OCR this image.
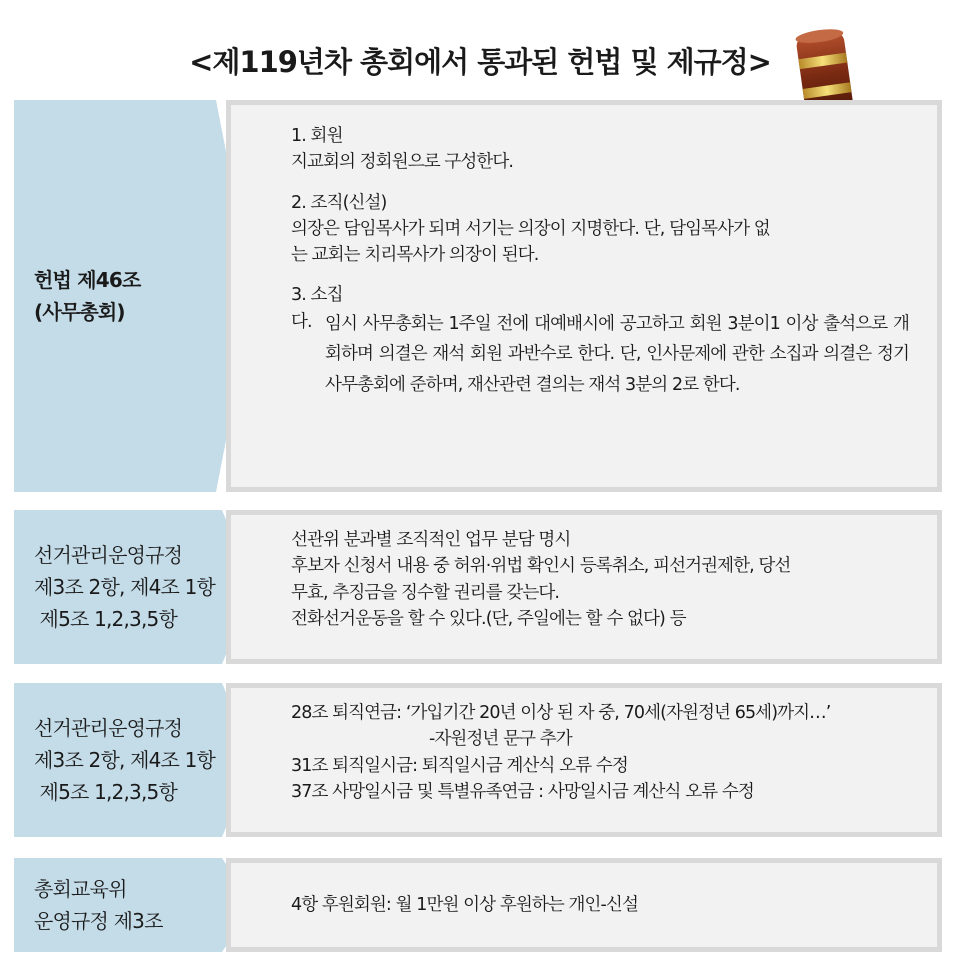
<제119년차 총회에서 통과된 헌법 및 제규정>
헌법 제46조
(사무총회)
1. 회원
지교회의 정회원으로 구성한다.
2. 조직(신설)
의장은 담임목사가 되며 서기는 의장이 지명한다. 단, 담임목사가 없
는 교회는 치리목사가 의장이 된다.
3. 소집
다. 임시 사무총회는 1주일 전에 대예배시에 공고하고 회원 3분이1 이상 출석으로 개회하며 의결은 재석 회원 과반수로 한다. 단, 인사문제에 관한 소집과 의결은 정기 사무총회에 준하며, 재산관련 결의는 재석 3분의 2로 한다.
선거관리운영규정
제3조 2항, 제4조 1항
제5조 1,2,3,5항
선관위 분과별 조직적인 업무 분담 명시
후보자 신청서 내용 중 허위·위법 확인시 등록취소, 피선거권제한, 당선
무효, 추징금을 징수할 권리를 갖는다.
전화선거운동을 할 수 있다.(단, 주일에는 할 수 없다) 등
선거관리운영규정
제3조 2항, 제4조 1항
제5조 1,2,3,5항
28조 퇴직연금: ‘가입기간 20년 이상 된 자 중, 70세(자원정년 65세)까지…’
-자원정년 문구 추가
31조 퇴직일시금: 퇴직일시금 계산식 오류 수정
37조 사망일시금 및 특별유족연금 : 사망일시금 계산식 오류 수정
총회교육위
운영규정 제3조
4항 후원회원: 월 1만원 이상 후원하는 개인-신설
